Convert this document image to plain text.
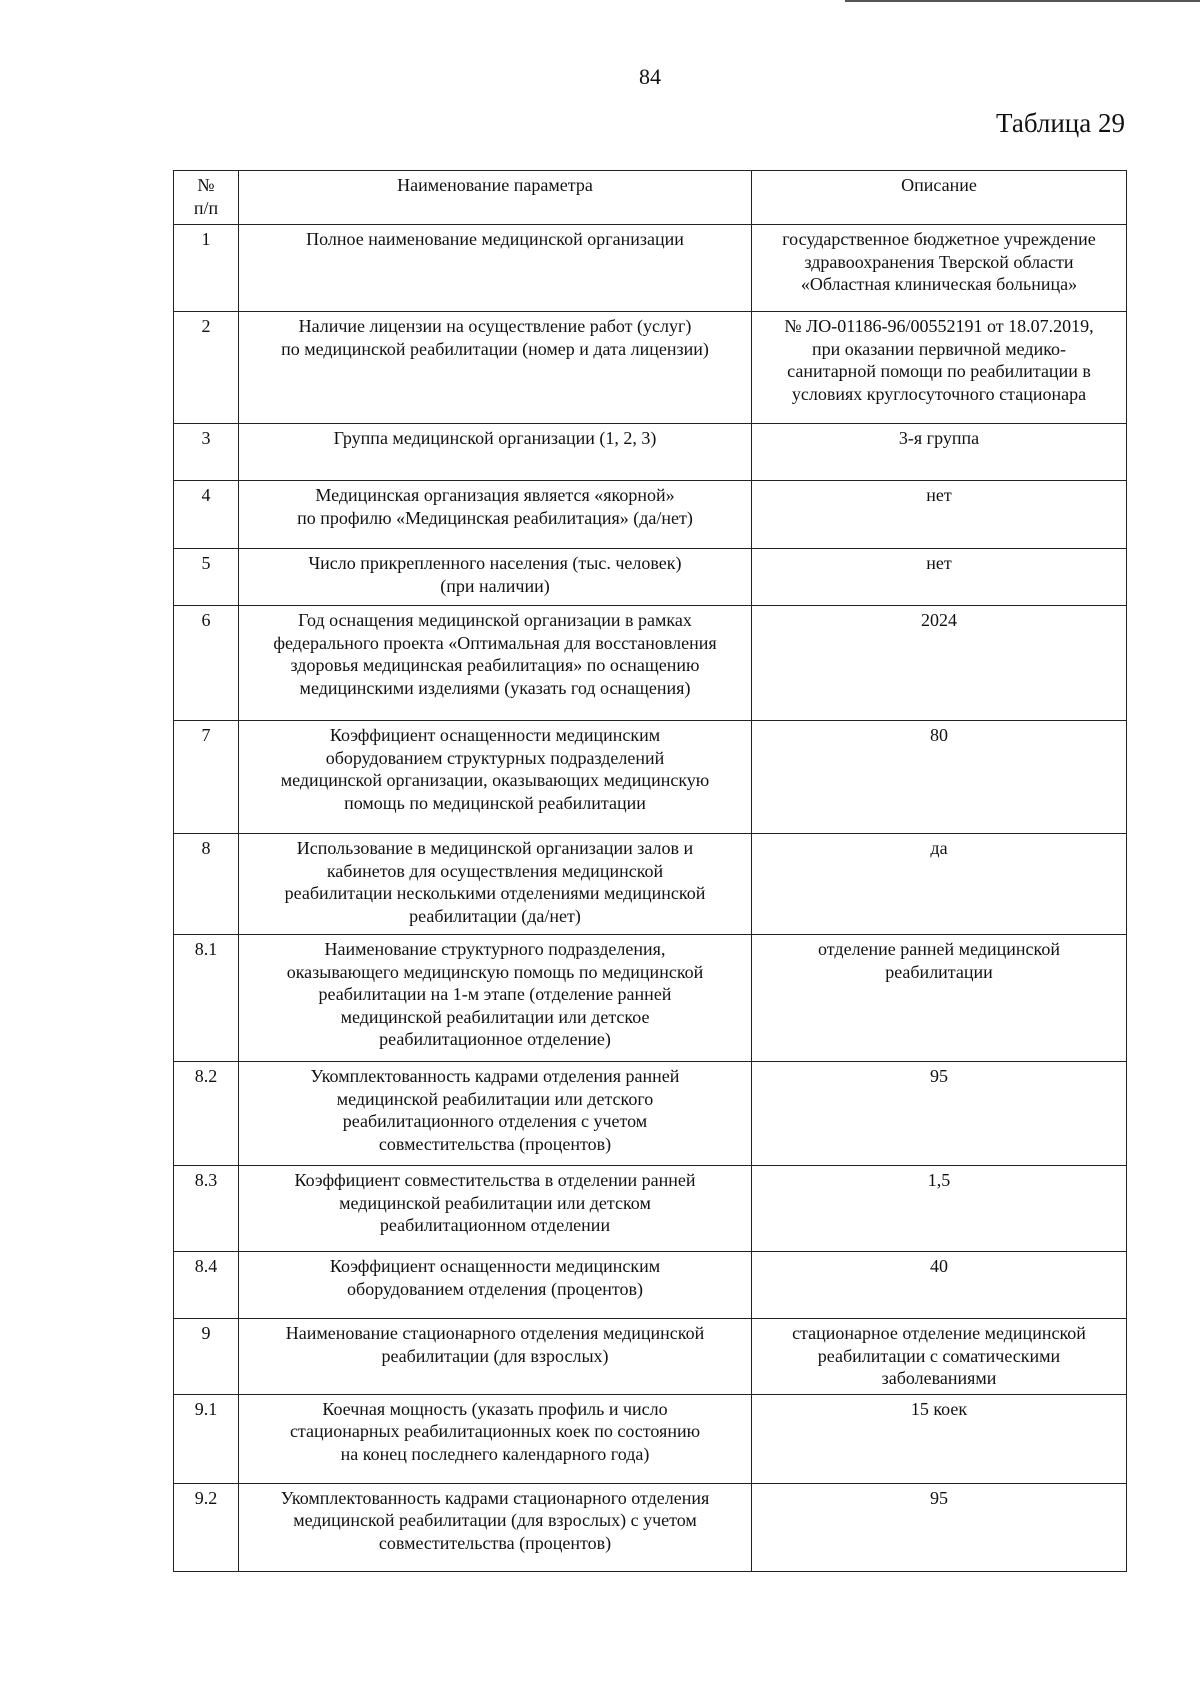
84
Таблица 29
№
п/п	Наименование параметра	Описание
1	Полное наименование медицинской организации	государственное бюджетное учреждение
здравоохранения Тверской области
«Областная клиническая больница»
2	Наличие лицензии на осуществление работ (услуг)
по медицинской реабилитации (номер и дата лицензии)	№ ЛО-01186-96/00552191 от 18.07.2019,
при оказании первичной медико-
санитарной помощи по реабилитации в
условиях круглосуточного стационара
3	Группа медицинской организации (1, 2, 3)	3-я группа
4	Медицинская организация является «якорной»
по профилю «Медицинская реабилитация» (да/нет)	нет
5	Число прикрепленного населения (тыс. человек)
(при наличии)	нет
6	Год оснащения медицинской организации в рамках
федерального проекта «Оптимальная для восстановления
здоровья медицинская реабилитация» по оснащению
медицинскими изделиями (указать год оснащения)	2024
7	Коэффициент оснащенности медицинским
оборудованием структурных подразделений
медицинской организации, оказывающих медицинскую
помощь по медицинской реабилитации	80
8	Использование в медицинской организации залов и
кабинетов для осуществления медицинской
реабилитации несколькими отделениями медицинской
реабилитации (да/нет)	да
8.1	Наименование структурного подразделения,
оказывающего медицинскую помощь по медицинской
реабилитации на 1-м этапе (отделение ранней
медицинской реабилитации или детское
реабилитационное отделение)	отделение ранней медицинской
реабилитации
8.2	Укомплектованность кадрами отделения ранней
медицинской реабилитации или детского
реабилитационного отделения с учетом
совместительства (процентов)	95
8.3	Коэффициент совместительства в отделении ранней
медицинской реабилитации или детском
реабилитационном отделении	1,5
8.4	Коэффициент оснащенности медицинским
оборудованием отделения (процентов)	40
9	Наименование стационарного отделения медицинской
реабилитации (для взрослых)	стационарное отделение медицинской
реабилитации с соматическими
заболеваниями
9.1	Коечная мощность (указать профиль и число
стационарных реабилитационных коек по состоянию
на конец последнего календарного года)	15 коек
9.2	Укомплектованность кадрами стационарного отделения
медицинской реабилитации (для взрослых) с учетом
совместительства (процентов)	95
